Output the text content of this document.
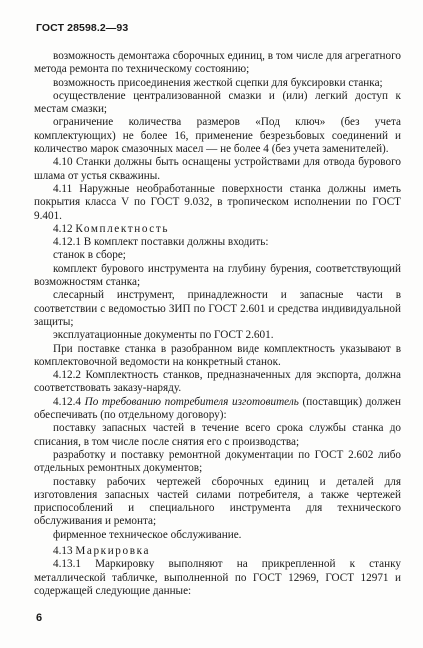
ГОСТ 28598.2—93

возможность демонтажа сборочных единиц, в том числе для агрегатного метода ремонта по техническому состоянию;

возможность присоединения жесткой сцепки для буксировки станка;

осуществление централизованной смазки и (или) легкий доступ к местам смазки;

ограничение количества размеров «Под ключ» (без учета комплектующих) не более 16, применение безрезьбовых соединений и количество марок смазочных масел — не более 4 (без учета заменителей).

4.10 Станки должны быть оснащены устройствами для отвода бурового шлама от устья скважины.

4.11 Наружные необработанные поверхности станка должны иметь покрытия класса V по ГОСТ 9.032, в тропическом исполнении по ГОСТ 9.401.

4.12 Комплектность

4.12.1 В комплект поставки должны входить:

станок в сборе;

комплект бурового инструмента на глубину бурения, соответствующий возможностям станка;

слесарный инструмент, принадлежности и запасные части в соответствии с ведомостью ЗИП по ГОСТ 2.601 и средства индивидуальной защиты;

эксплуатационные документы по ГОСТ 2.601.

При поставке станка в разобранном виде комплектность указывают в комплектовочной ведомости на конкретный станок.

4.12.2 Комплектность станков, предназначенных для экспорта, должна соответствовать заказу-наряду.

4.12.4 По требованию потребителя изготовитель (поставщик) должен обеспечивать (по отдельному договору):

поставку запасных частей в течение всего срока службы станка до списания, в том числе после снятия его с производства;

разработку и поставку ремонтной документации по ГОСТ 2.602 либо отдельных ремонтных документов;

поставку рабочих чертежей сборочных единиц и деталей для изготовления запасных частей силами потребителя, а также чертежей приспособлений и специального инструмента для технического обслуживания и ремонта;

фирменное техническое обслуживание.

4.13 Маркировка

4.13.1 Маркировку выполняют на прикрепленной к станку металлической табличке, выполненной по ГОСТ 12969, ГОСТ 12971 и содержащей следующие данные:

6
